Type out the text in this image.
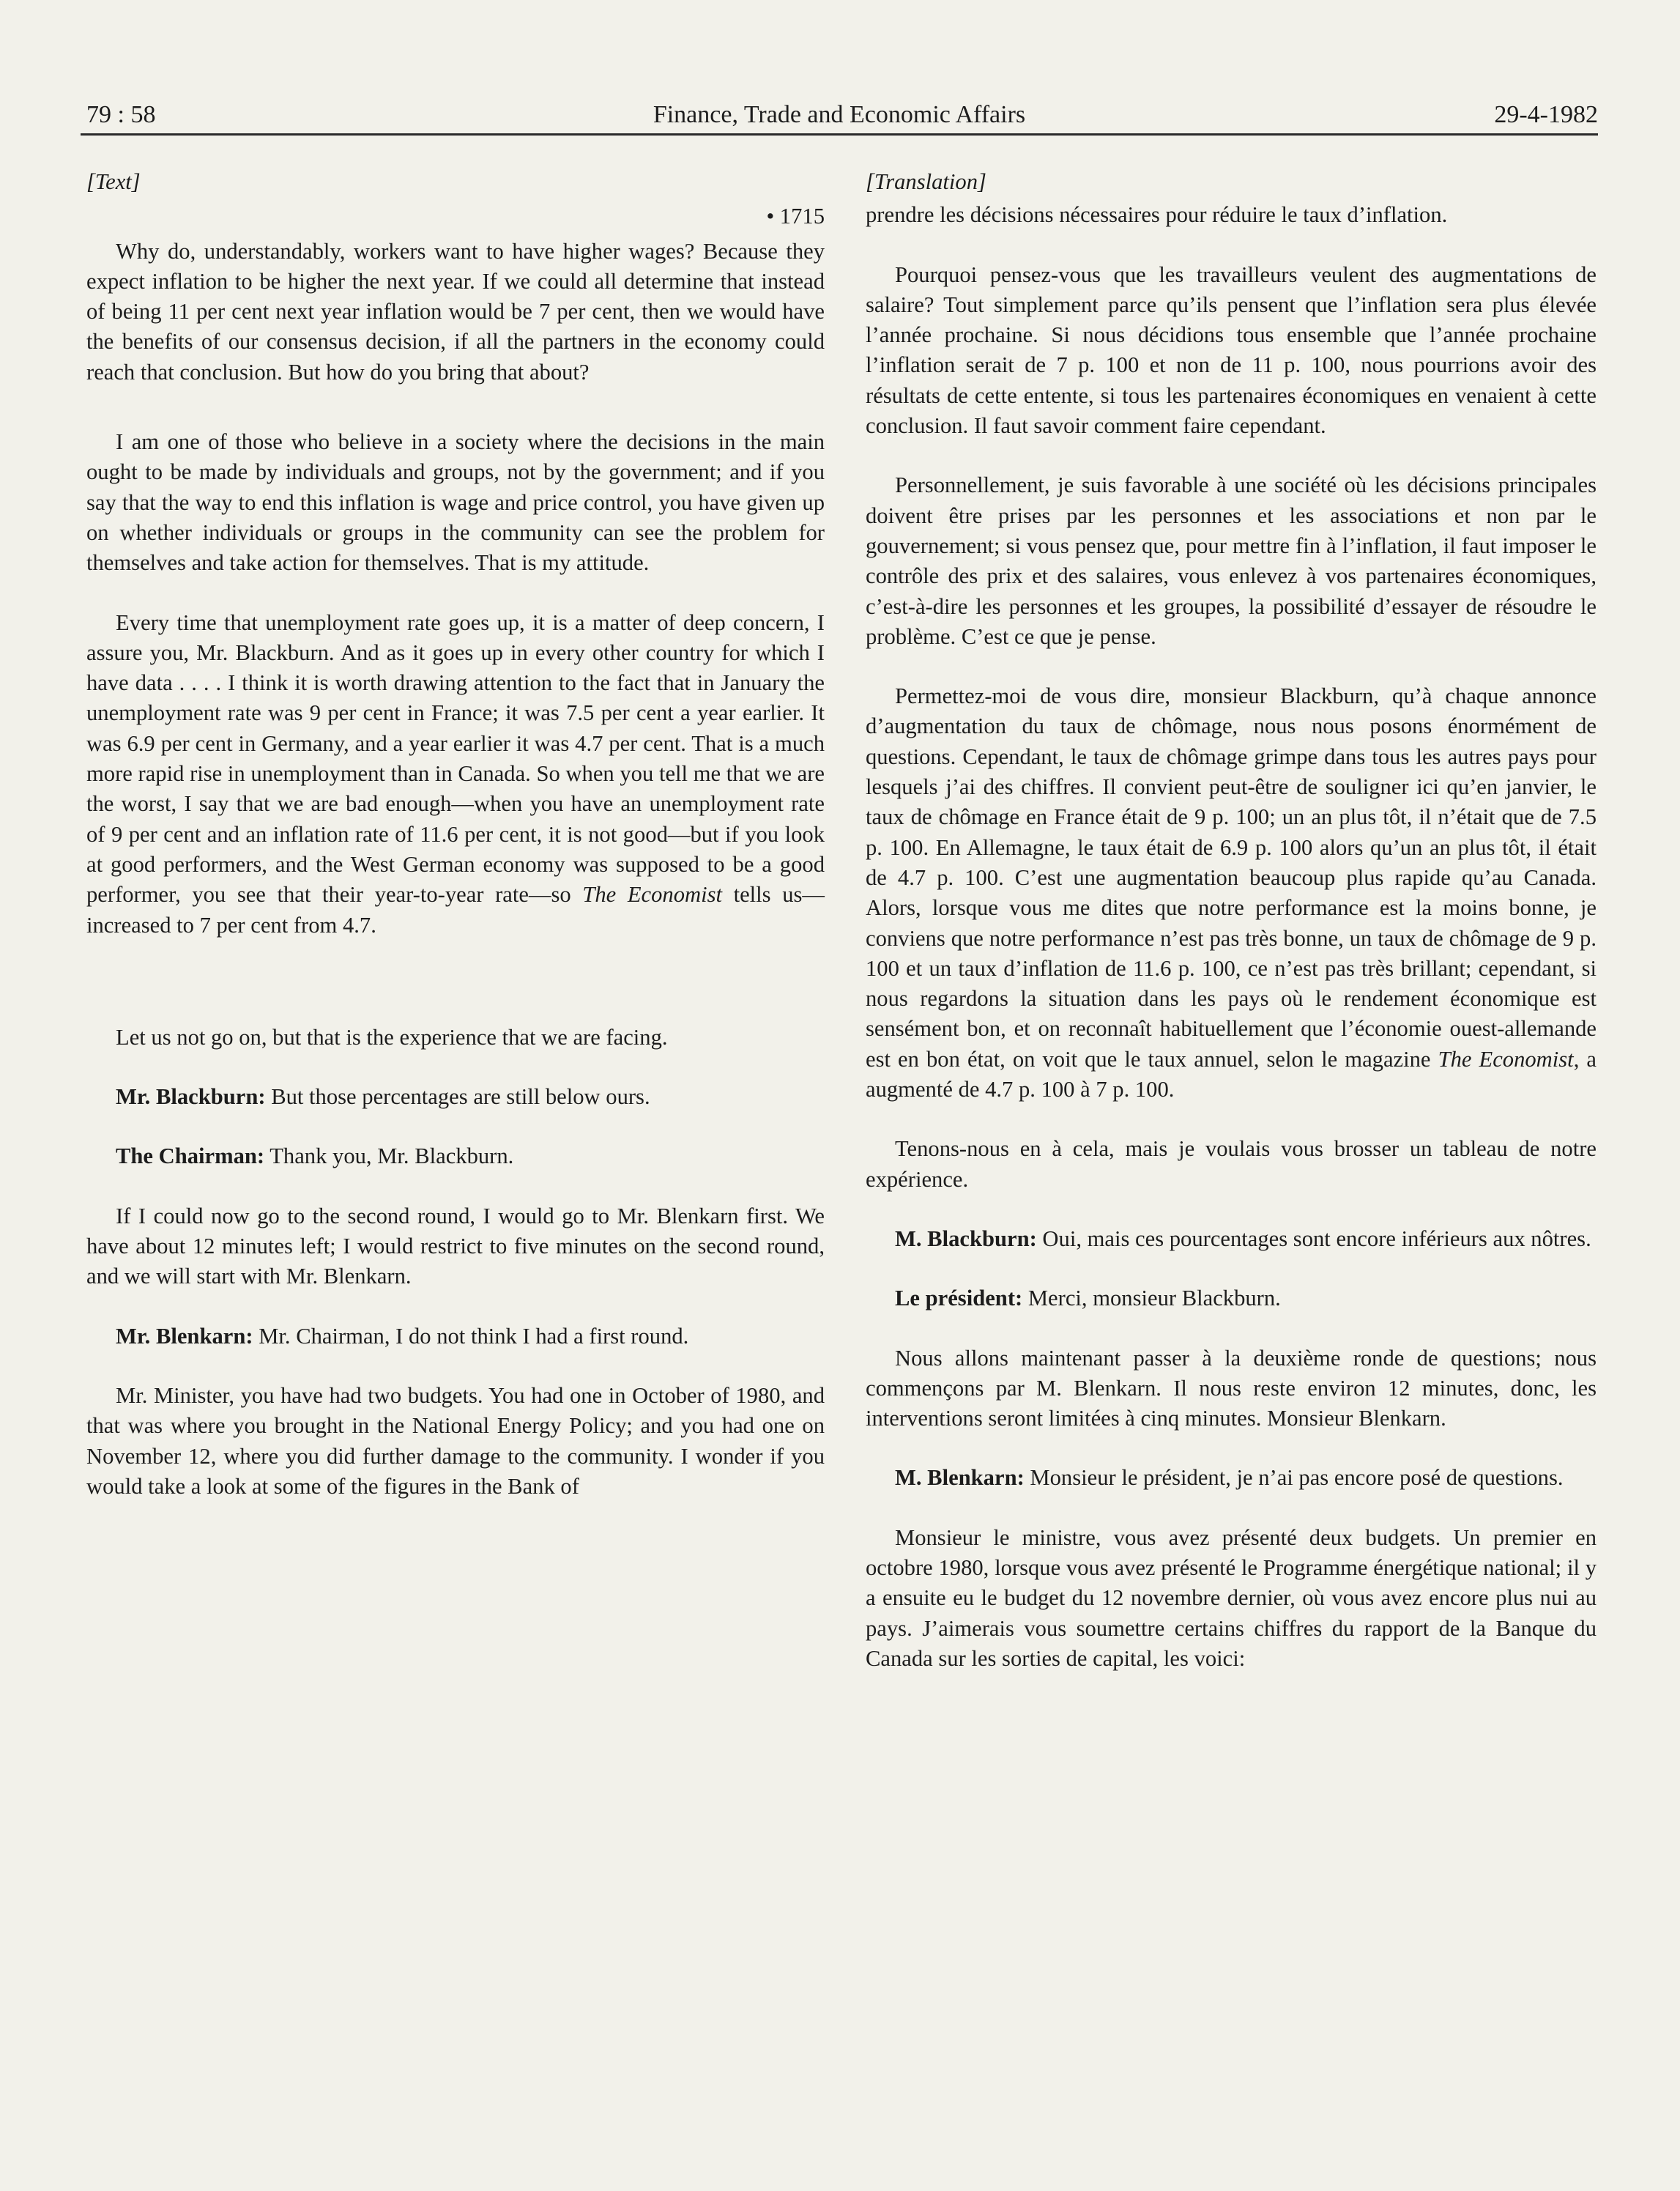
79 : 58	Finance, Trade and Economic Affairs	29-4-1982
[Text]
• 1715

Why do, understandably, workers want to have higher wages? Because they expect inflation to be higher the next year. If we could all determine that instead of being 11 per cent next year inflation would be 7 per cent, then we would have the benefits of our consensus decision, if all the partners in the economy could reach that conclusion. But how do you bring that about?

I am one of those who believe in a society where the decisions in the main ought to be made by individuals and groups, not by the government; and if you say that the way to end this inflation is wage and price control, you have given up on whether individuals or groups in the community can see the problem for themselves and take action for themselves. That is my attitude.

Every time that unemployment rate goes up, it is a matter of deep concern, I assure you, Mr. Blackburn. And as it goes up in every other country for which I have data . . . . I think it is worth drawing attention to the fact that in January the unemployment rate was 9 per cent in France; it was 7.5 per cent a year earlier. It was 6.9 per cent in Germany, and a year earlier it was 4.7 per cent. That is a much more rapid rise in unemployment than in Canada. So when you tell me that we are the worst, I say that we are bad enough—when you have an unemployment rate of 9 per cent and an inflation rate of 11.6 per cent, it is not good—but if you look at good performers, and the West German economy was supposed to be a good performer, you see that their year-to-year rate—so The Economist tells us—increased to 7 per cent from 4.7.

Let us not go on, but that is the experience that we are facing.

Mr. Blackburn: But those percentages are still below ours.

The Chairman: Thank you, Mr. Blackburn.

If I could now go to the second round, I would go to Mr. Blenkarn first. We have about 12 minutes left; I would restrict to five minutes on the second round, and we will start with Mr. Blenkarn.

Mr. Blenkarn: Mr. Chairman, I do not think I had a first round.

Mr. Minister, you have had two budgets. You had one in October of 1980, and that was where you brought in the National Energy Policy; and you had one on November 12, where you did further damage to the community. I wonder if you would take a look at some of the figures in the Bank of

[Translation]

prendre les décisions nécessaires pour réduire le taux d’inflation.

Pourquoi pensez-vous que les travailleurs veulent des augmentations de salaire? Tout simplement parce qu’ils pensent que l’inflation sera plus élevée l’année prochaine. Si nous décidions tous ensemble que l’année prochaine l’inflation serait de 7 p. 100 et non de 11 p. 100, nous pourrions avoir des résultats de cette entente, si tous les partenaires économiques en venaient à cette conclusion. Il faut savoir comment faire cependant.

Personnellement, je suis favorable à une société où les décisions principales doivent être prises par les personnes et les associations et non par le gouvernement; si vous pensez que, pour mettre fin à l’inflation, il faut imposer le contrôle des prix et des salaires, vous enlevez à vos partenaires économiques, c’est-à-dire les personnes et les groupes, la possibilité d’essayer de résoudre le problème. C’est ce que je pense.

Permettez-moi de vous dire, monsieur Blackburn, qu’à chaque annonce d’augmentation du taux de chômage, nous nous posons énormément de questions. Cependant, le taux de chômage grimpe dans tous les autres pays pour lesquels j’ai des chiffres. Il convient peut-être de souligner ici qu’en janvier, le taux de chômage en France était de 9 p. 100; un an plus tôt, il n’était que de 7.5 p. 100. En Allemagne, le taux était de 6.9 p. 100 alors qu’un an plus tôt, il était de 4.7 p. 100. C’est une augmentation beaucoup plus rapide qu’au Canada. Alors, lorsque vous me dites que notre performance est la moins bonne, je conviens que notre performance n’est pas très bonne, un taux de chômage de 9 p. 100 et un taux d’inflation de 11.6 p. 100, ce n’est pas très brillant; cependant, si nous regardons la situation dans les pays où le rendement économique est sensément bon, et on reconnaît habituellement que l’économie ouest-allemande est en bon état, on voit que le taux annuel, selon le magazine The Economist, a augmenté de 4.7 p. 100 à 7 p. 100.

Tenons-nous en à cela, mais je voulais vous brosser un tableau de notre expérience.

M. Blackburn: Oui, mais ces pourcentages sont encore inférieurs aux nôtres.

Le président: Merci, monsieur Blackburn.

Nous allons maintenant passer à la deuxième ronde de questions; nous commençons par M. Blenkarn. Il nous reste environ 12 minutes, donc, les interventions seront limitées à cinq minutes. Monsieur Blenkarn.

M. Blenkarn: Monsieur le président, je n’ai pas encore posé de questions.

Monsieur le ministre, vous avez présenté deux budgets. Un premier en octobre 1980, lorsque vous avez présenté le Programme énergétique national; il y a ensuite eu le budget du 12 novembre dernier, où vous avez encore plus nui au pays. J’aimerais vous soumettre certains chiffres du rapport de la Banque du Canada sur les sorties de capital, les voici:
